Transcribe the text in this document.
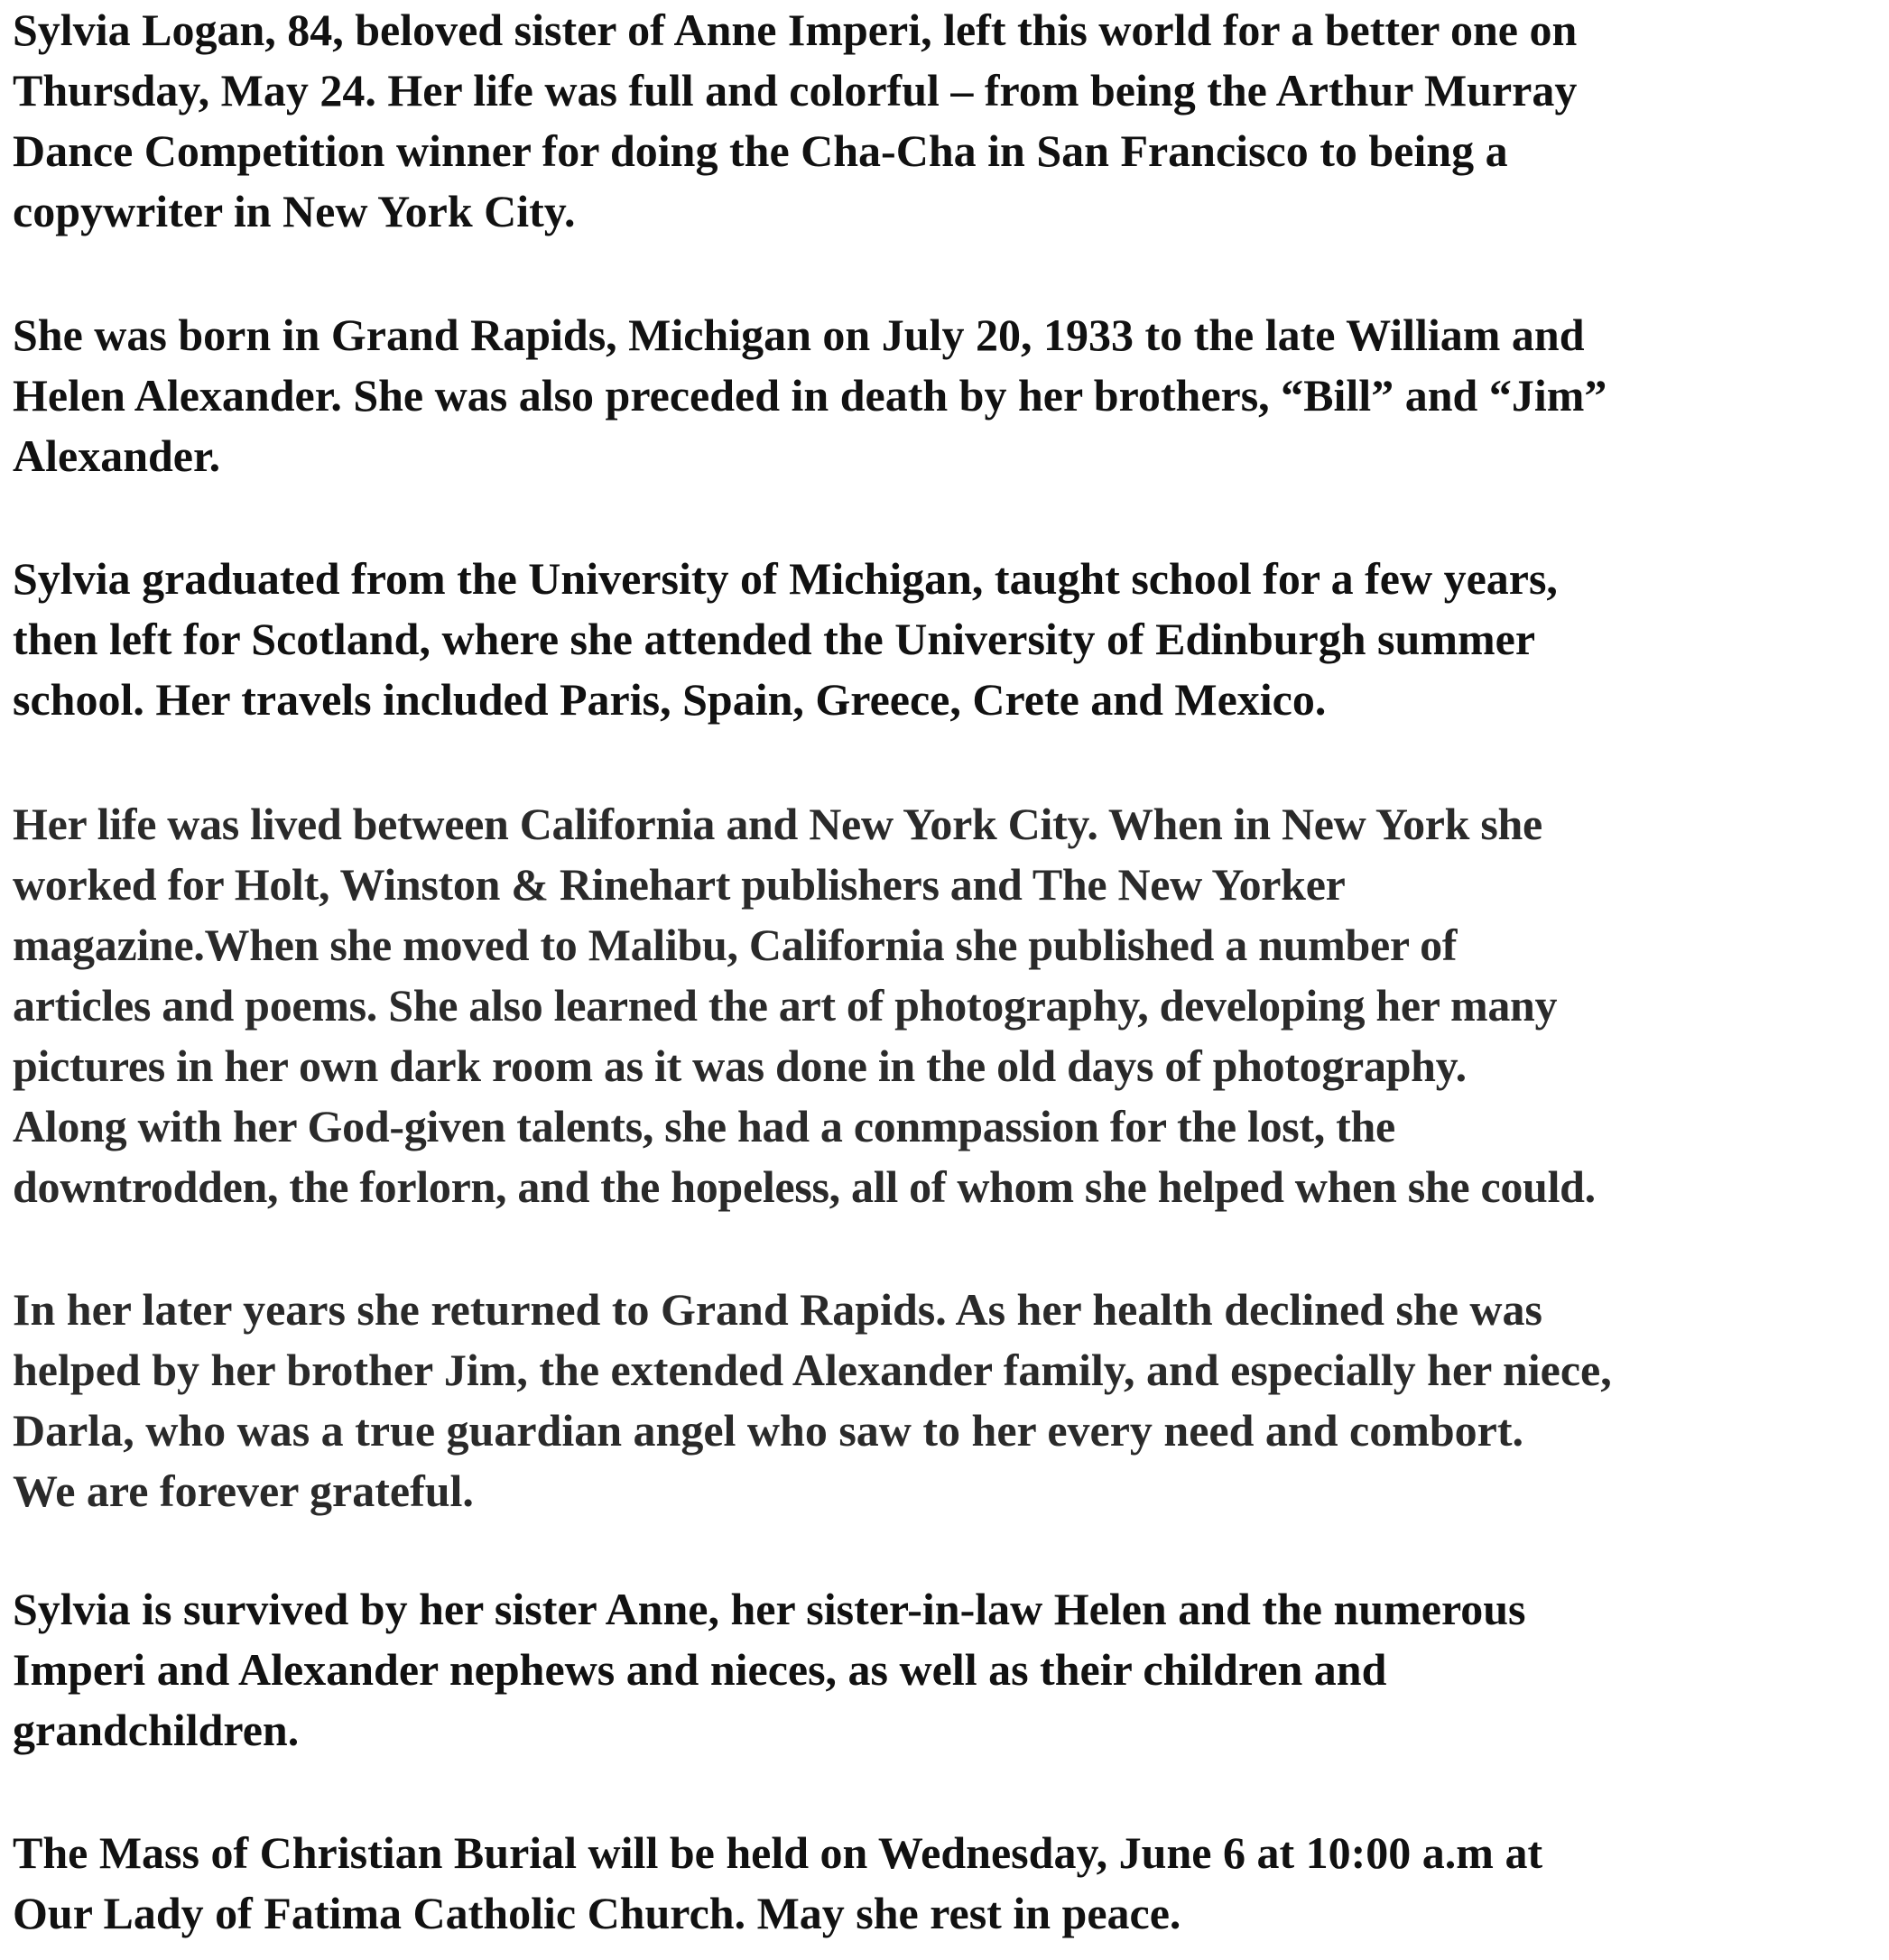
Sylvia Logan, 84, beloved sister of Anne Imperi, left this world for a better one on
Thursday, May 24. Her life was full and colorful – from being the Arthur Murray
Dance Competition winner for doing the Cha-Cha in San Francisco to being a
copywriter in New York City.

She was born in Grand Rapids, Michigan on July 20, 1933 to the late William and
Helen Alexander. She was also preceded in death by her brothers, “Bill” and “Jim”
Alexander.

Sylvia graduated from the University of Michigan, taught school for a few years,
then left for Scotland, where she attended the University of Edinburgh summer
school. Her travels included Paris, Spain, Greece, Crete and Mexico.

Her life was lived between California and New York City. When in New York she
worked for Holt, Winston & Rinehart publishers and The New Yorker
magazine.When she moved to Malibu, California she published a number of
articles and poems. She also learned the art of photography, developing her many
pictures in her own dark room as it was done in the old days of photography.
Along with her God-given talents, she had a conmpassion for the lost, the
downtrodden, the forlorn, and the hopeless, all of whom she helped when she could.

In her later years she returned to Grand Rapids. As her health declined she was
helped by her brother Jim, the extended Alexander family, and especially her niece,
Darla, who was a true guardian angel who saw to her every need and combort.
We are forever grateful.

Sylvia is survived by her sister Anne, her sister-in-law Helen and the numerous
Imperi and Alexander nephews and nieces, as well as their children and
grandchildren.

The Mass of Christian Burial will be held on Wednesday, June 6 at 10:00 a.m at
Our Lady of Fatima Catholic Church. May she rest in peace.
